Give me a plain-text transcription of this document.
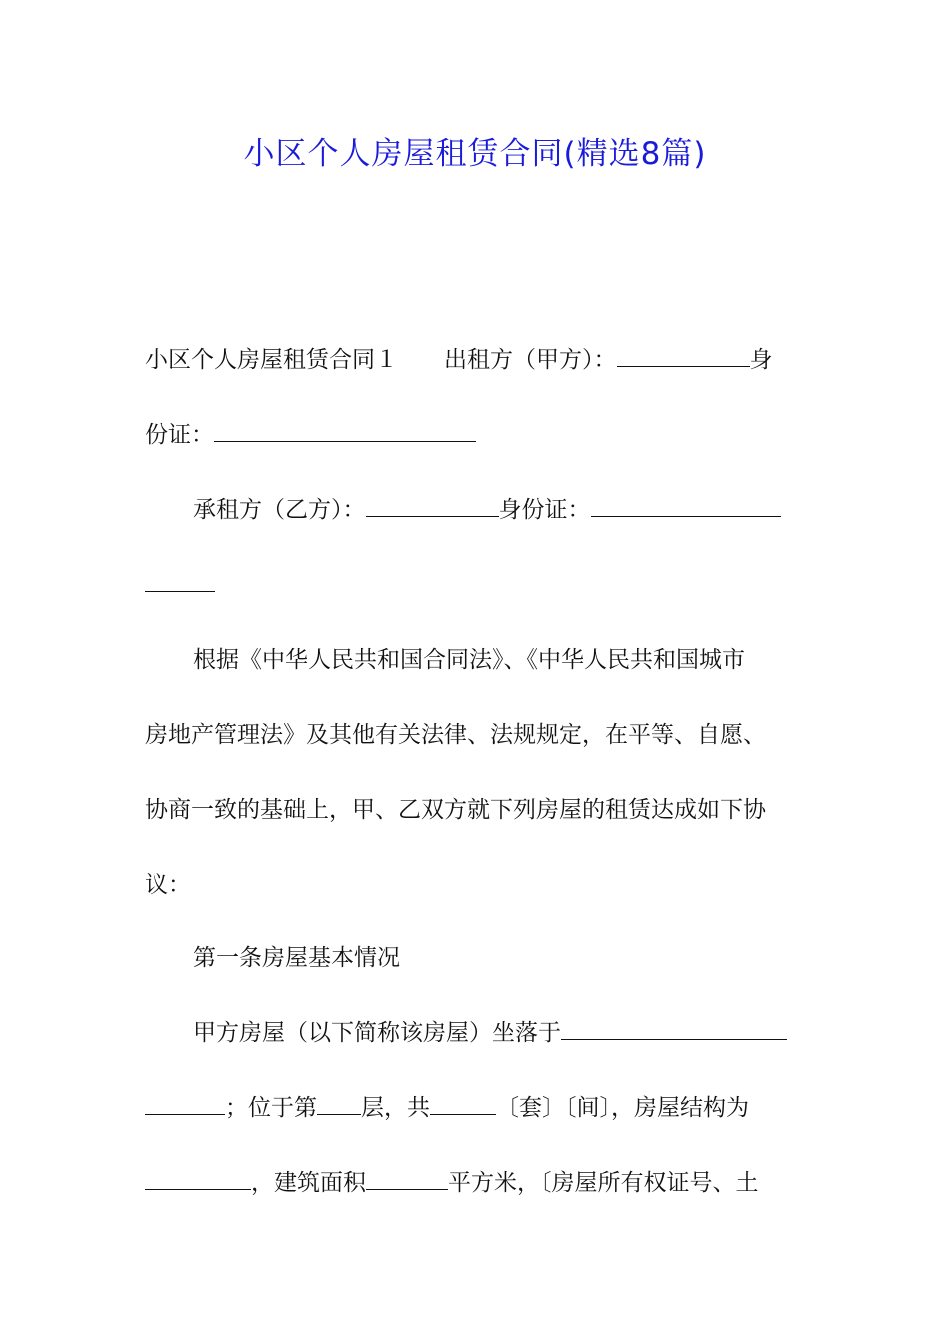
小区个人房屋租赁合同(精选8篇)
小区个人房屋租赁合同１ 出租方（甲方）：	身
份证：
承租方（乙方）：	身份证：
根据《中华人民共和国合同法》、《中华人民共和国城市
房地产管理法》及其他有关法律、法规规定，在平等、自愿、
协商一致的基础上，甲、乙双方就下列房屋的租赁达成如下协
议：
第一条房屋基本情况
甲方房屋（以下简称该房屋）坐落于
；位于第 层，共	〔套〕〔间〕，房屋结构为
，建筑面积	平方米，〔房屋所有权证号、土
